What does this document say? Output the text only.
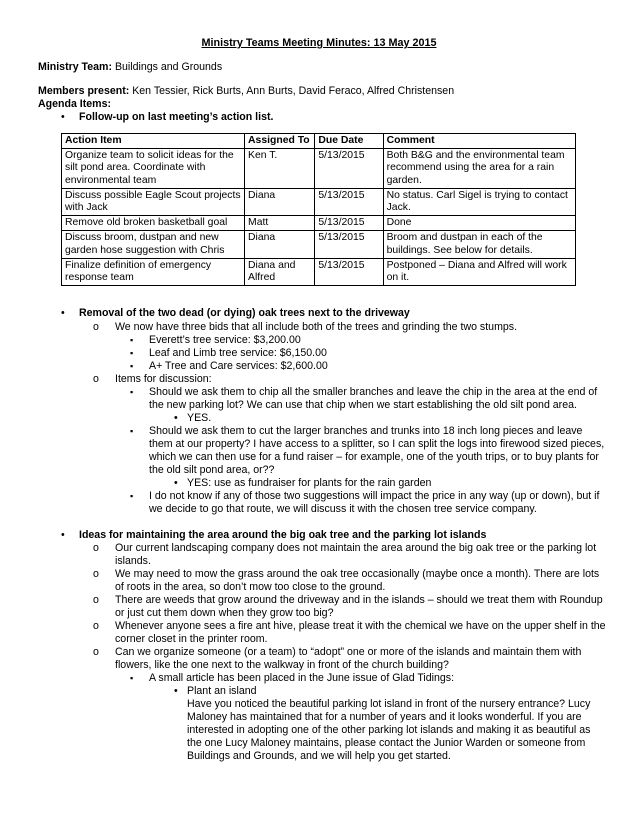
Ministry Teams Meeting Minutes: 13 May 2015
Ministry Team: Buildings and Grounds
Members present: Ken Tessier, Rick Burts, Ann Burts, David Feraco, Alfred Christensen
Agenda Items:
• Follow-up on last meeting’s action list.
Action Item	Assigned To	Due Date	Comment
Organize team to solicit ideas for the silt pond area. Coordinate with environmental team	Ken T.	5/13/2015	Both B&G and the environmental team recommend using the area for a rain garden.
Discuss possible Eagle Scout projects with Jack	Diana	5/13/2015	No status. Carl Sigel is trying to contact Jack.
Remove old broken basketball goal	Matt	5/13/2015	Done
Discuss broom, dustpan and new garden hose suggestion with Chris	Diana	5/13/2015	Broom and dustpan in each of the buildings. See below for details.
Finalize definition of emergency response team	Diana and Alfred	5/13/2015	Postponed – Diana and Alfred will work on it.
• Removal of the two dead (or dying) oak trees next to the driveway
o We now have three bids that all include both of the trees and grinding the two stumps.
▪ Everett’s tree service: $3,200.00
▪ Leaf and Limb tree service: $6,150.00
▪ A+ Tree and Care services: $2,600.00
o Items for discussion:
▪ Should we ask them to chip all the smaller branches and leave the chip in the area at the end of
the new parking lot? We can use that chip when we start establishing the old silt pond area.
• YES.
▪ Should we ask them to cut the larger branches and trunks into 18 inch long pieces and leave
them at our property? I have access to a splitter, so I can split the logs into firewood sized pieces,
which we can then use for a fund raiser – for example, one of the youth trips, or to buy plants for
the old silt pond area, or??
• YES: use as fundraiser for plants for the rain garden
▪ I do not know if any of those two suggestions will impact the price in any way (up or down), but if
we decide to go that route, we will discuss it with the chosen tree service company.
• Ideas for maintaining the area around the big oak tree and the parking lot islands
o Our current landscaping company does not maintain the area around the big oak tree or the parking lot
islands.
o We may need to mow the grass around the oak tree occasionally (maybe once a month). There are lots
of roots in the area, so don’t mow too close to the ground.
o There are weeds that grow around the driveway and in the islands – should we treat them with Roundup
or just cut them down when they grow too big?
o Whenever anyone sees a fire ant hive, please treat it with the chemical we have on the upper shelf in the
corner closet in the printer room.
o Can we organize someone (or a team) to “adopt” one or more of the islands and maintain them with
flowers, like the one next to the walkway in front of the church building?
▪ A small article has been placed in the June issue of Glad Tidings:
• Plant an island
Have you noticed the beautiful parking lot island in front of the nursery entrance? Lucy
Maloney has maintained that for a number of years and it looks wonderful. If you are
interested in adopting one of the other parking lot islands and making it as beautiful as
the one Lucy Maloney maintains, please contact the Junior Warden or someone from
Buildings and Grounds, and we will help you get started.
